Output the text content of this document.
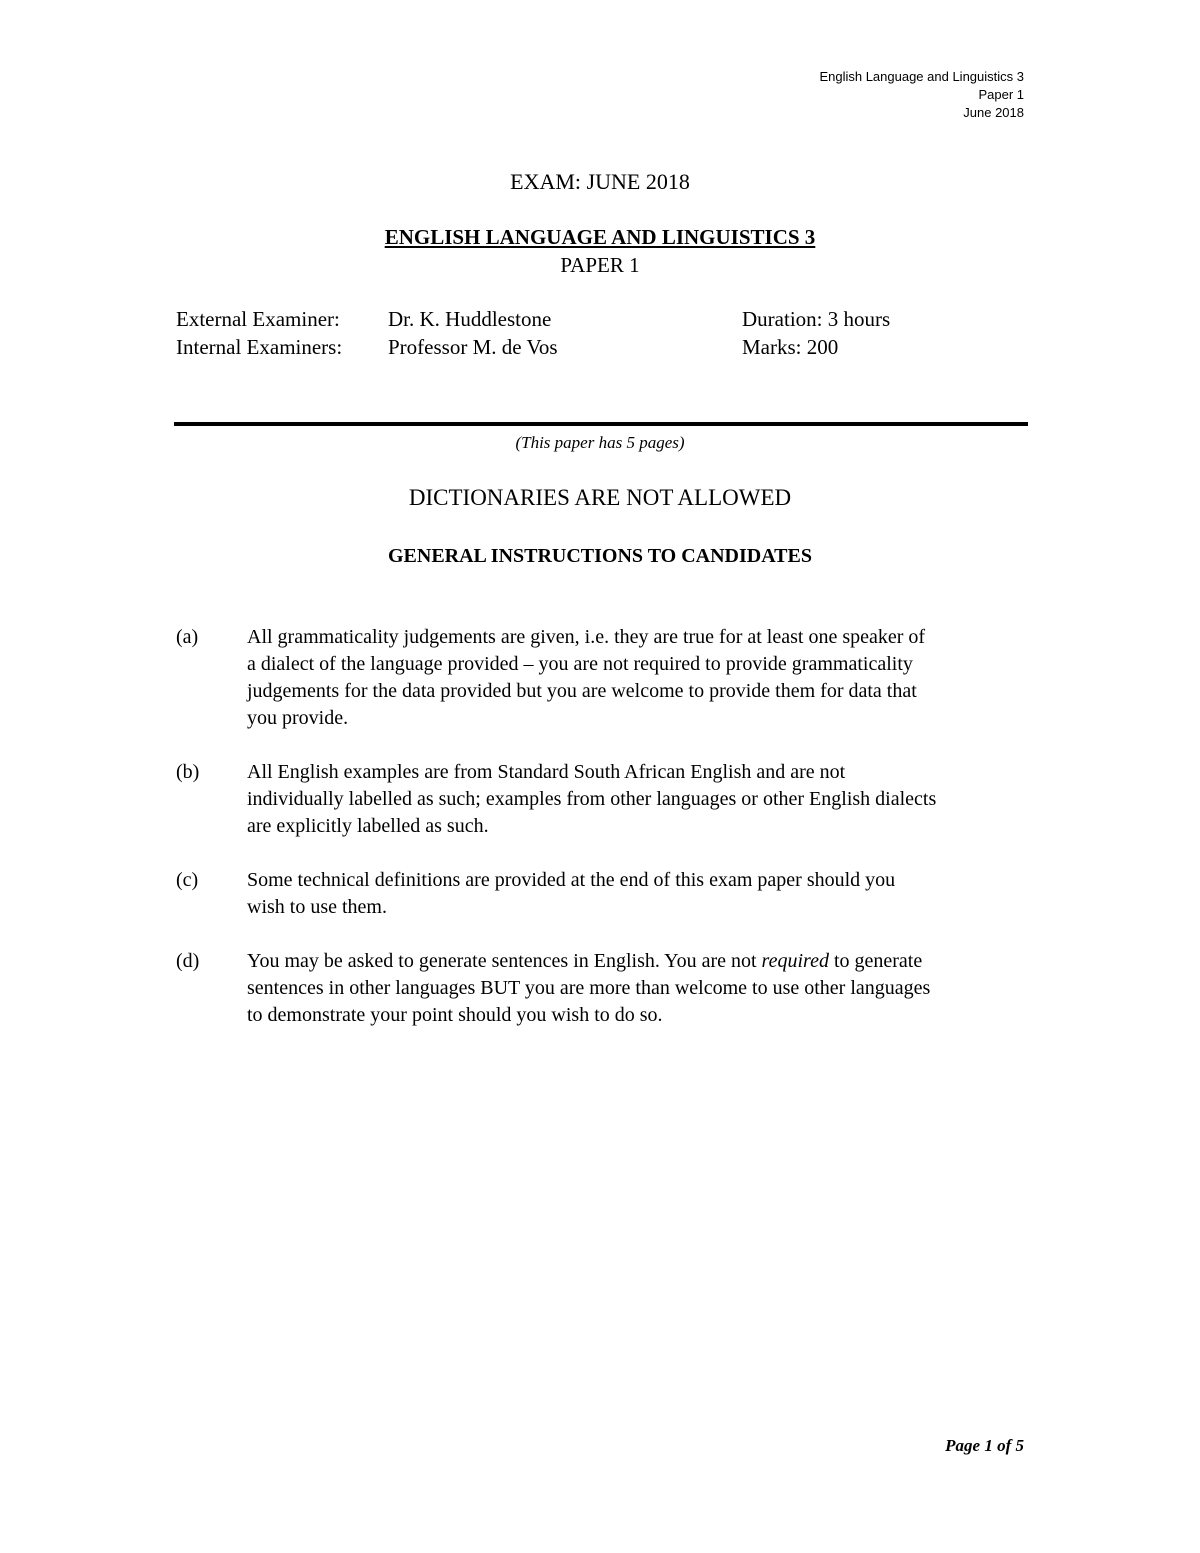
English Language and Linguistics 3
Paper 1
June 2018
EXAM: JUNE 2018
ENGLISH LANGUAGE AND LINGUISTICS 3
PAPER 1
External Examiner: Dr. K. Huddlestone	Duration: 3 hours
Internal Examiners: Professor M. de Vos	Marks: 200
(This paper has 5 pages)
DICTIONARIES ARE NOT ALLOWED
GENERAL INSTRUCTIONS TO CANDIDATES
(a) All grammaticality judgements are given, i.e. they are true for at least one speaker of a dialect of the language provided – you are not required to provide grammaticality judgements for the data provided but you are welcome to provide them for data that you provide.
(b) All English examples are from Standard South African English and are not individually labelled as such; examples from other languages or other English dialects are explicitly labelled as such.
(c) Some technical definitions are provided at the end of this exam paper should you wish to use them.
(d) You may be asked to generate sentences in English. You are not required to generate sentences in other languages BUT you are more than welcome to use other languages to demonstrate your point should you wish to do so.
Page 1 of 5
